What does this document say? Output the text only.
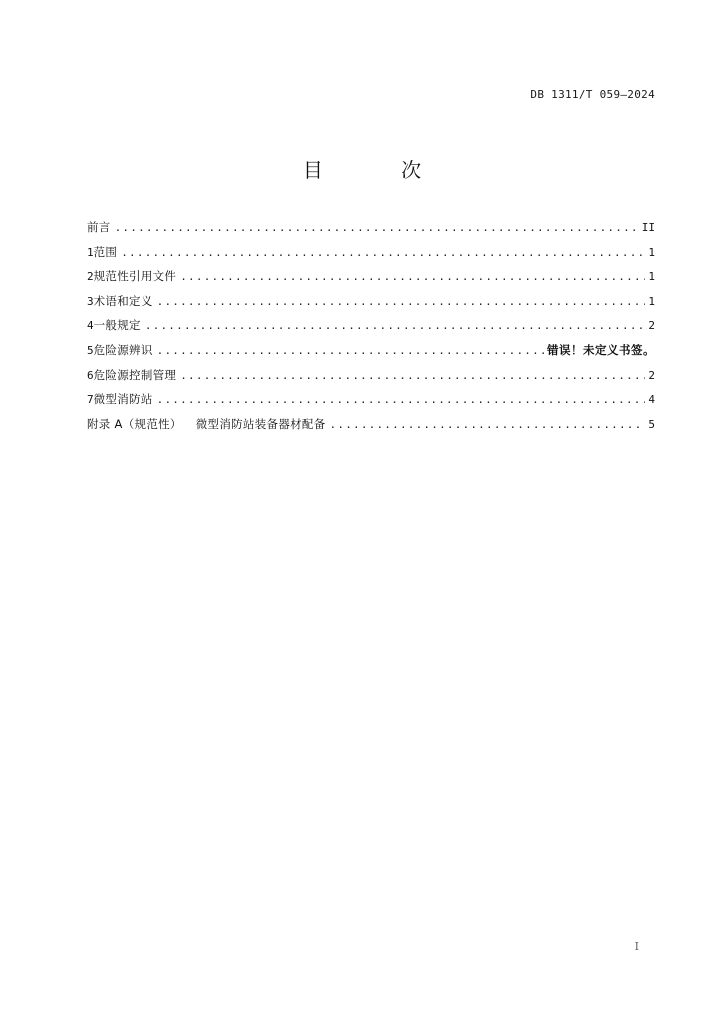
DB 1311/T 059—2024
目 次
前言 .....	II
1 范围 .....	1
2 规范性引用文件 .....	1
3 术语和定义 .....	1
4 一般规定 .....	2
5 危险源辨识 .....	错误！未定义书签。
6 危险源控制管理 .....	2
7 微型消防站 .....	4
附录 A（规范性） 微型消防站装备器材配备 .....	5
I
